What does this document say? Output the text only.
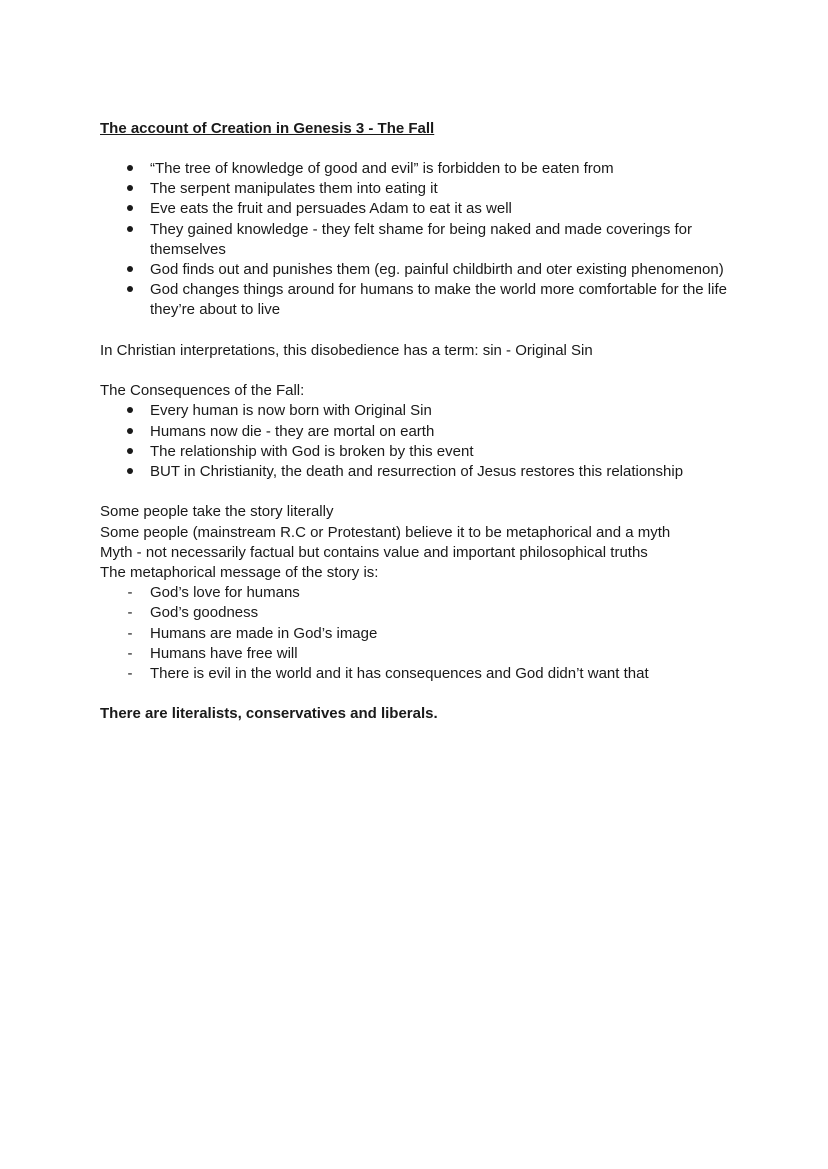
The account of Creation in Genesis 3 - The Fall

“The tree of knowledge of good and evil” is forbidden to be eaten from
The serpent manipulates them into eating it
Eve eats the fruit and persuades Adam to eat it as well
They gained knowledge - they felt shame for being naked and made coverings for themselves
God finds out and punishes them (eg. painful childbirth and oter existing phenomenon)
God changes things around for humans to make the world more comfortable for the life they’re about to live

In Christian interpretations, this disobedience has a term: sin - Original Sin

The Consequences of the Fall:

Every human is now born with Original Sin
Humans now die - they are mortal on earth
The relationship with God is broken by this event
BUT in Christianity, the death and resurrection of Jesus restores this relationship

Some people take the story literally

Some people (mainstream R.C or Protestant) believe it to be metaphorical and a myth

Myth - not necessarily factual but contains value and important philosophical truths

The metaphorical message of the story is:

- God’s love for humans
- God’s goodness
- Humans are made in God’s image
- Humans have free will
- There is evil in the world and it has consequences and God didn’t want that

There are literalists, conservatives and liberals.
